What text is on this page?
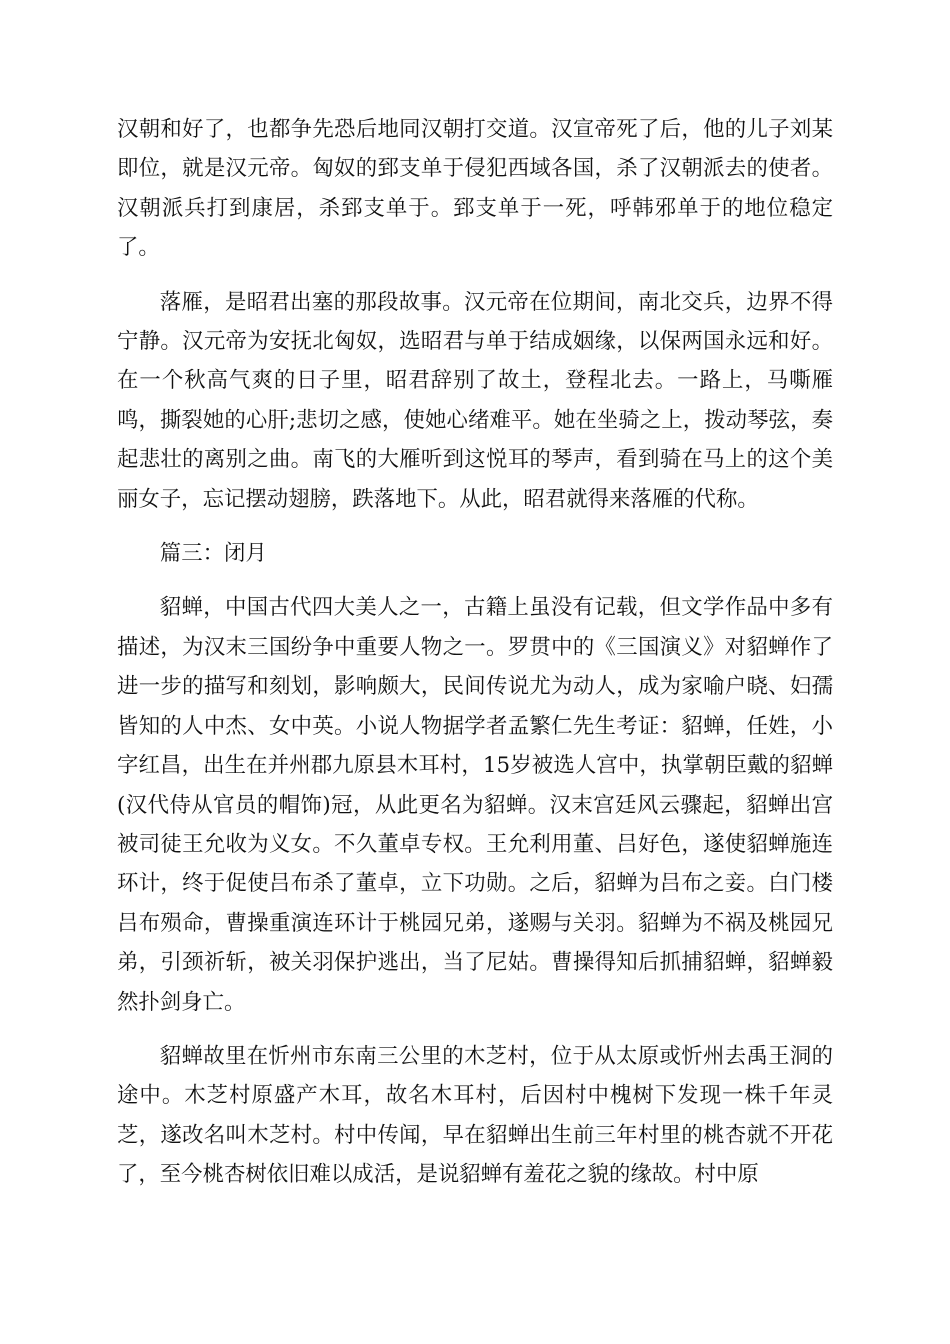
汉朝和好了，也都争先恐后地同汉朝打交道。汉宣帝死了后，他的儿子刘某即位，就是汉元帝。匈奴的郅支单于侵犯西域各国，杀了汉朝派去的使者。汉朝派兵打到康居，杀郅支单于。郅支单于一死，呼韩邪单于的地位稳定了。

落雁，是昭君出塞的那段故事。汉元帝在位期间，南北交兵，边界不得宁静。汉元帝为安抚北匈奴，选昭君与单于结成姻缘，以保两国永远和好。在一个秋高气爽的日子里，昭君辞别了故土，登程北去。一路上，马嘶雁鸣，撕裂她的心肝;悲切之感，使她心绪难平。她在坐骑之上，拨动琴弦，奏起悲壮的离别之曲。南飞的大雁听到这悦耳的琴声，看到骑在马上的这个美丽女子，忘记摆动翅膀，跌落地下。从此，昭君就得来落雁的代称。

篇三：闭月

貂蝉，中国古代四大美人之一，古籍上虽没有记载，但文学作品中多有描述，为汉末三国纷争中重要人物之一。罗贯中的《三国演义》对貂蝉作了进一步的描写和刻划，影响颇大，民间传说尤为动人，成为家喻户晓、妇孺皆知的人中杰、女中英。小说人物据学者孟繁仁先生考证：貂蝉，任姓，小字红昌，出生在并州郡九原县木耳村，15岁被选人宫中，执掌朝臣戴的貂蝉(汉代侍从官员的帽饰)冠，从此更名为貂蝉。汉末宫廷风云骤起，貂蝉出宫被司徒王允收为义女。不久董卓专权。王允利用董、吕好色，遂使貂蝉施连环计，终于促使吕布杀了董卓，立下功勋。之后，貂蝉为吕布之妾。白门楼吕布殒命，曹操重演连环计于桃园兄弟，遂赐与关羽。貂蝉为不祸及桃园兄弟，引颈祈斩，被关羽保护逃出，当了尼姑。曹操得知后抓捕貂蝉，貂蝉毅然扑剑身亡。

貂蝉故里在忻州市东南三公里的木芝村，位于从太原或忻州去禹王洞的途中。木芝村原盛产木耳，故名木耳村，后因村中槐树下发现一株千年灵芝，遂改名叫木芝村。村中传闻，早在貂蝉出生前三年村里的桃杏就不开花了，至今桃杏树依旧难以成活，是说貂蝉有羞花之貌的缘故。村中原
